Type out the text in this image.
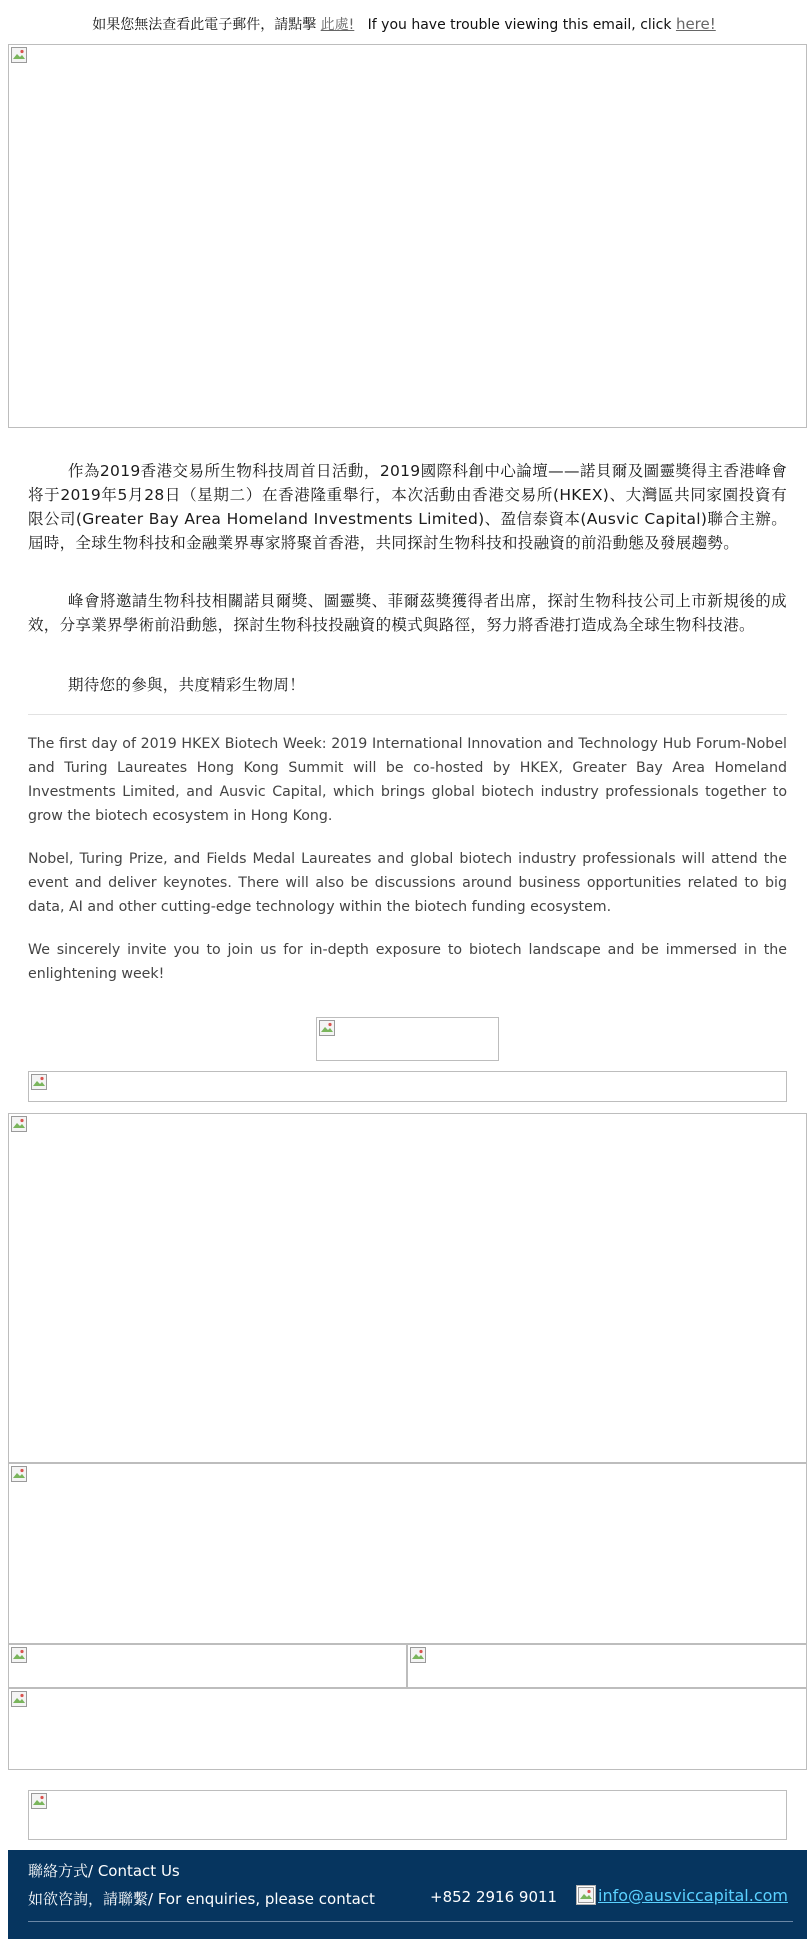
如果您無法查看此電子郵件，請點擊 此處! If you have trouble viewing this email, click here!
作為2019香港交易所生物科技周首日活動，2019國際科創中心論壇——諾貝爾及圖靈獎得主香港峰會将于2019年5月28日（星期二）在香港隆重舉行，本次活動由香港交易所(HKEX)、大灣區共同家園投資有限公司(Greater Bay Area Homeland Investments Limited)、盈信泰資本(Ausvic Capital)聯合主辦。屆時，全球生物科技和金融業界專家將聚首香港，共同探討生物科技和投融資的前沿動態及發展趨勢。
峰會將邀請生物科技相關諾貝爾獎、圖靈獎、菲爾茲獎獲得者出席，探討生物科技公司上市新規後的成效，分享業界學術前沿動態，探討生物科技投融資的模式與路徑，努力將香港打造成為全球生物科技港。
期待您的參與，共度精彩生物周！
The first day of 2019 HKEX Biotech Week: 2019 International Innovation and Technology Hub Forum-Nobel and Turing Laureates Hong Kong Summit will be co-hosted by HKEX, Greater Bay Area Homeland Investments Limited, and Ausvic Capital, which brings global biotech industry professionals together to grow the biotech ecosystem in Hong Kong.
Nobel, Turing Prize, and Fields Medal Laureates and global biotech industry professionals will attend the event and deliver keynotes. There will also be discussions around business opportunities related to big data, AI and other cutting-edge technology within the biotech funding ecosystem.
We sincerely invite you to join us for in-depth exposure to biotech landscape and be immersed in the enlightening week!
聯絡方式/ Contact Us
如欲咨詢，請聯繫/ For enquiries, please contact	+852 2916 9011	info@ausviccapital.com
